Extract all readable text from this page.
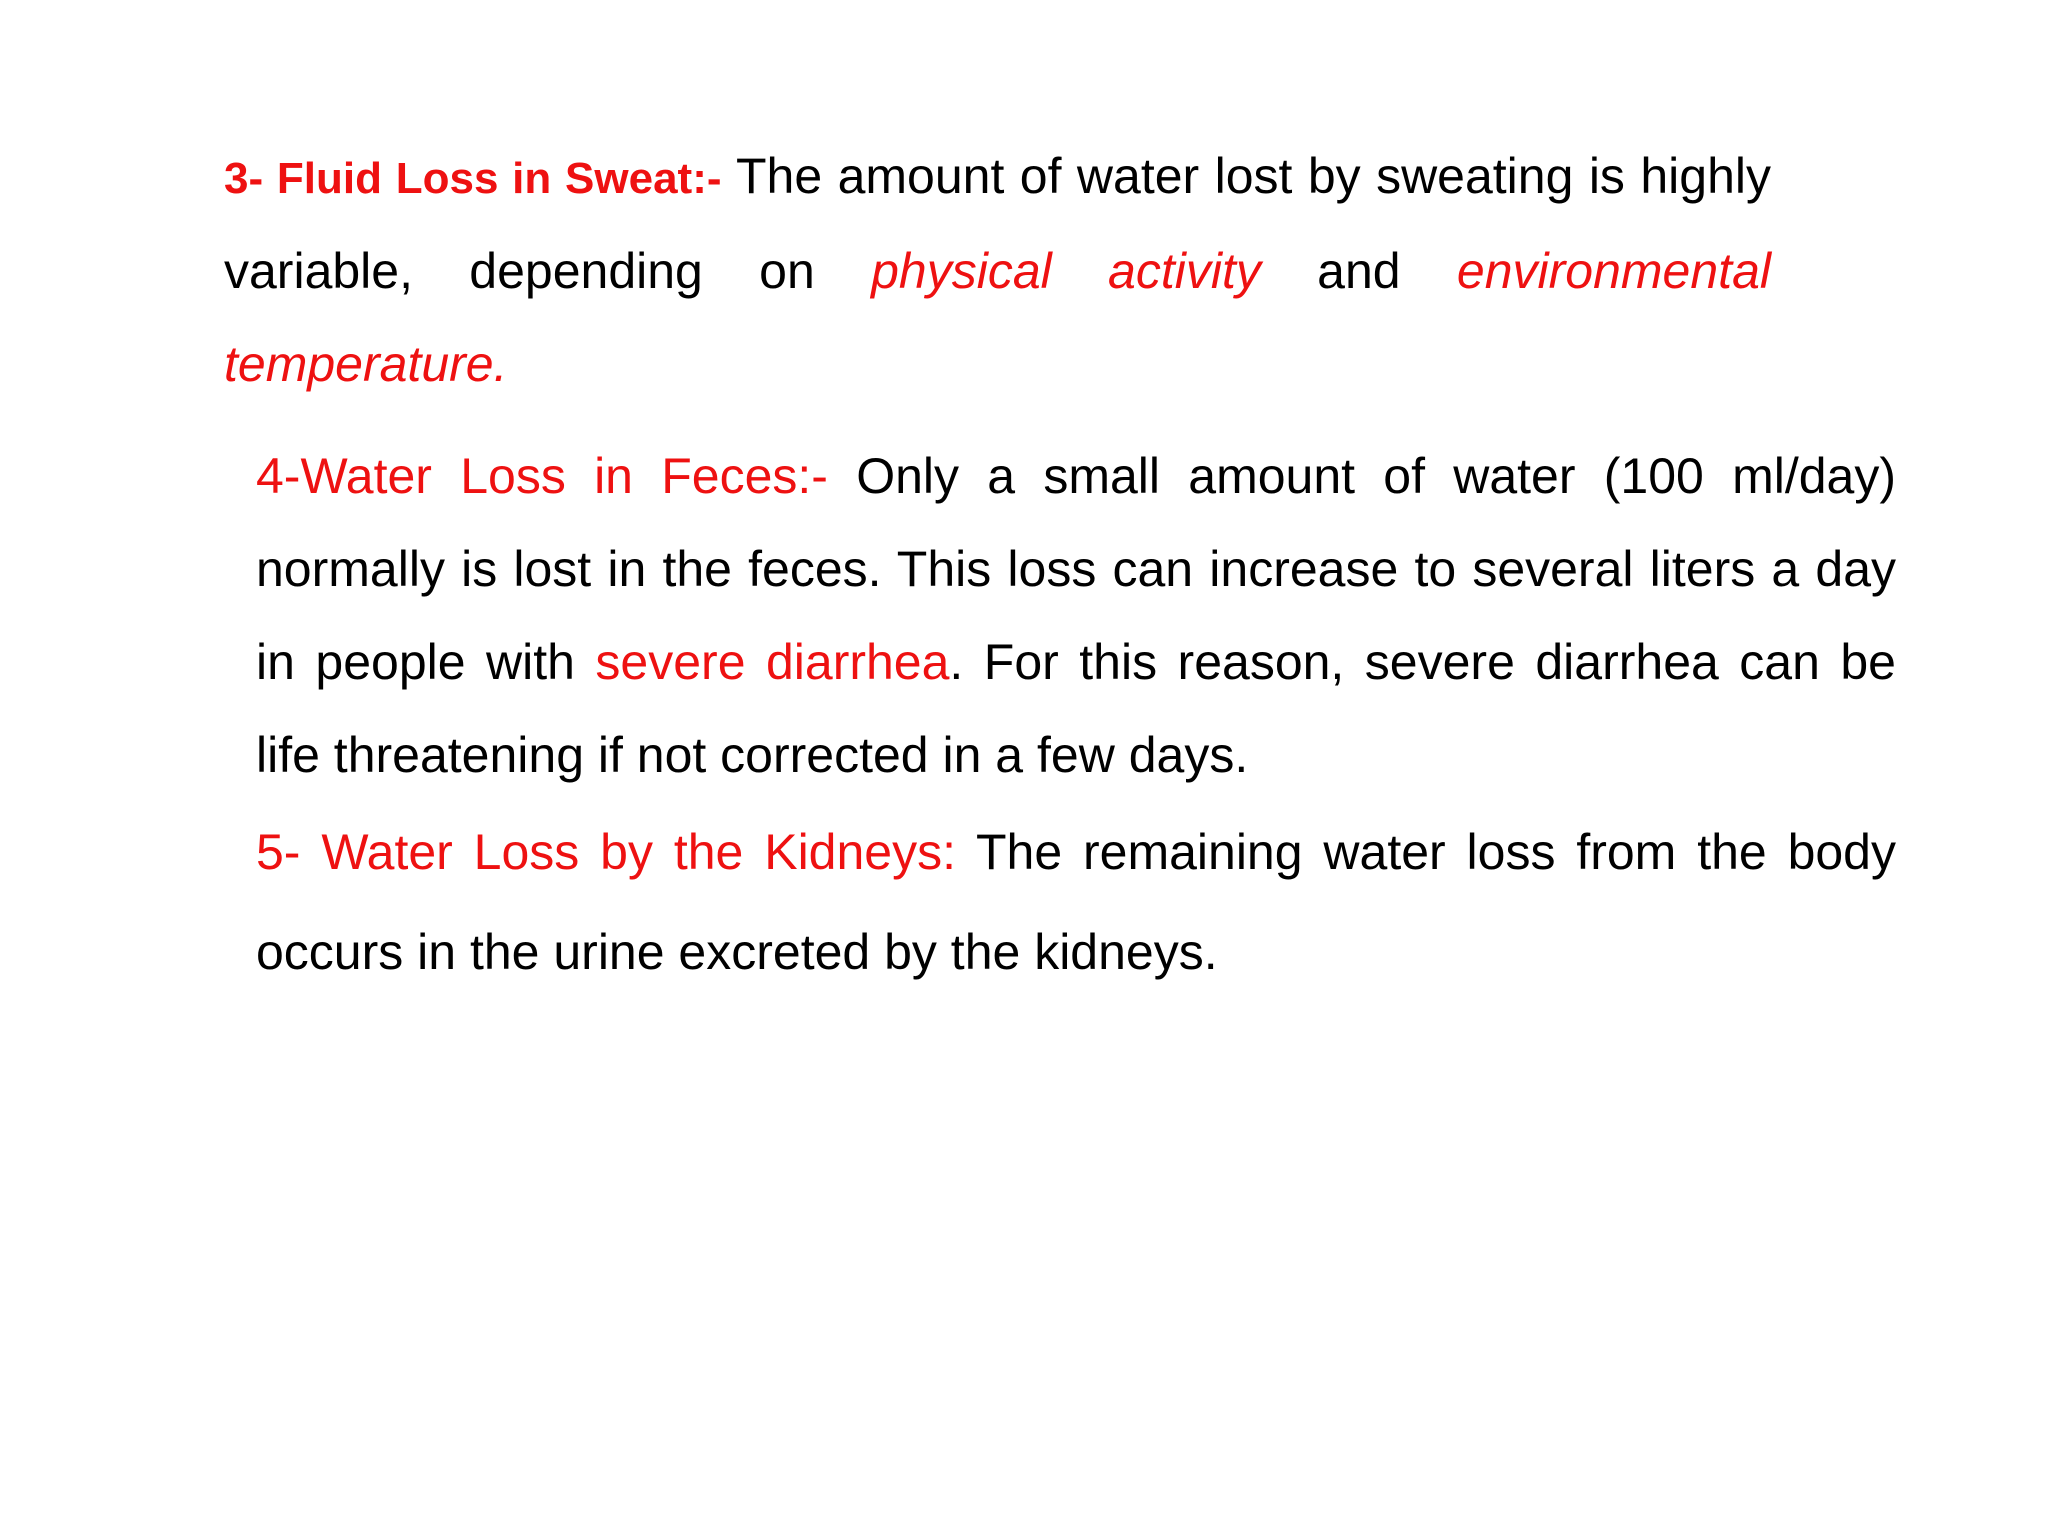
3- Fluid Loss in Sweat:- The amount of water lost by sweating is highly variable, depending on physical activity and environmental temperature.

4-Water Loss in Feces:- Only a small amount of water (100 ml/day) normally is lost in the feces. This loss can increase to several liters a day in people with severe diarrhea. For this reason, severe diarrhea can be life threatening if not corrected in a few days.

5- Water Loss by the Kidneys: The remaining water loss from the body occurs in the urine excreted by the kidneys.
